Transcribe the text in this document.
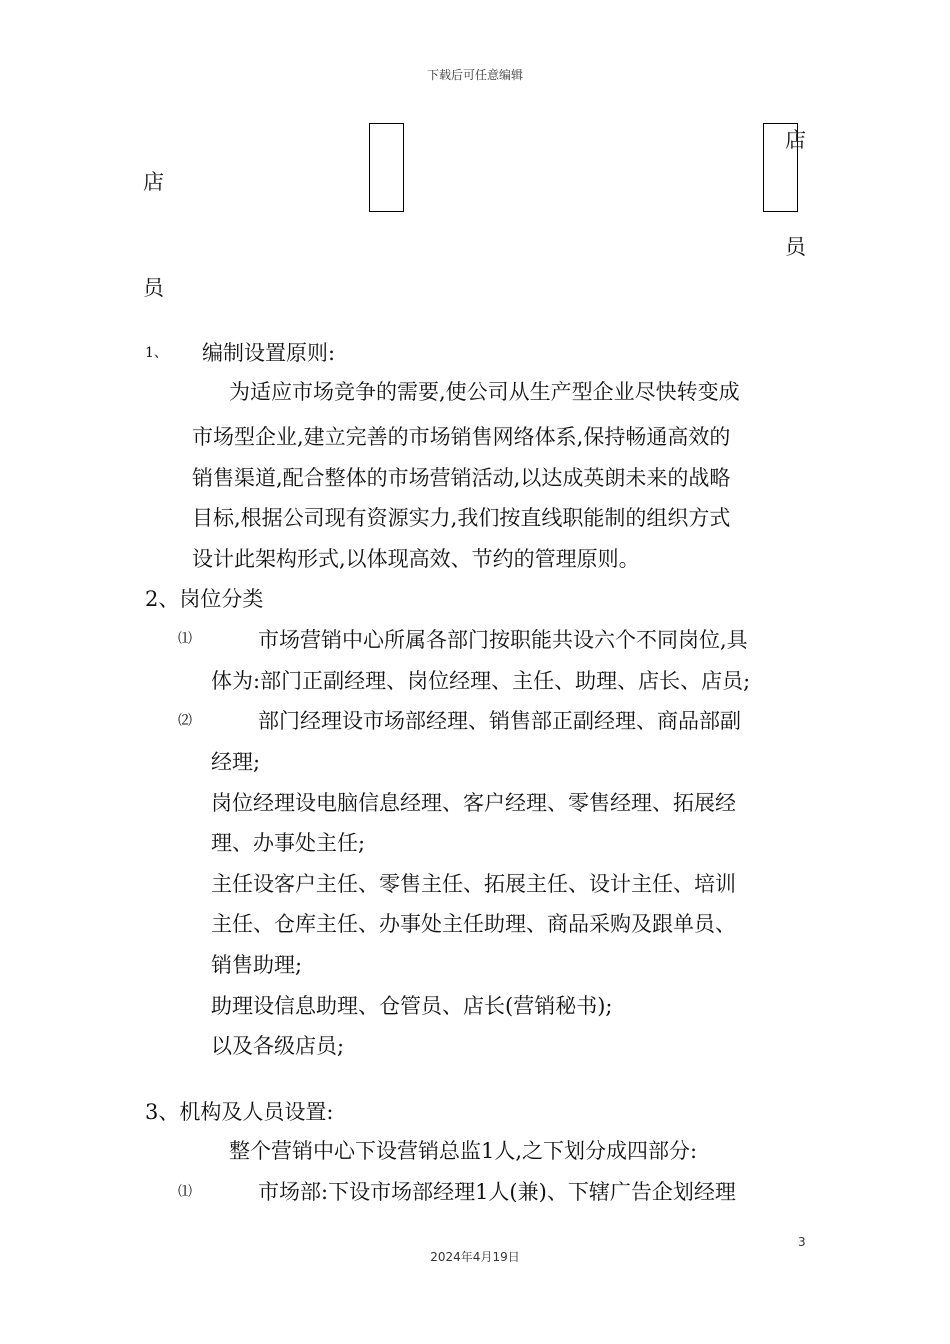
下载后可任意编辑
店
员
店
员
1、 编制设置原则:
为适应市场竞争的需要,使公司从生产型企业尽快转变成
市场型企业,建立完善的市场销售网络体系,保持畅通高效的
销售渠道,配合整体的市场营销活动,以达成英朗未来的战略
目标,根据公司现有资源实力,我们按直线职能制的组织方式
设计此架构形式,以体现高效、节约的管理原则。
2、岗位分类
⑴	市场营销中心所属各部门按职能共设六个不同岗位,具
体为:部门正副经理、岗位经理、主任、助理、店长、店员;
⑵	部门经理设市场部经理、销售部正副经理、商品部副
经理;
岗位经理设电脑信息经理、客户经理、零售经理、拓展经
理、办事处主任;
主任设客户主任、零售主任、拓展主任、设计主任、培训
主任、仓库主任、办事处主任助理、商品采购及跟单员、
销售助理;
助理设信息助理、仓管员、店长(营销秘书);
以及各级店员;
3、机构及人员设置:
整个营销中心下设营销总监1人,之下划分成四部分:
⑴	市场部:下设市场部经理1人(兼)、下辖广告企划经理
3
2024年4月19日
